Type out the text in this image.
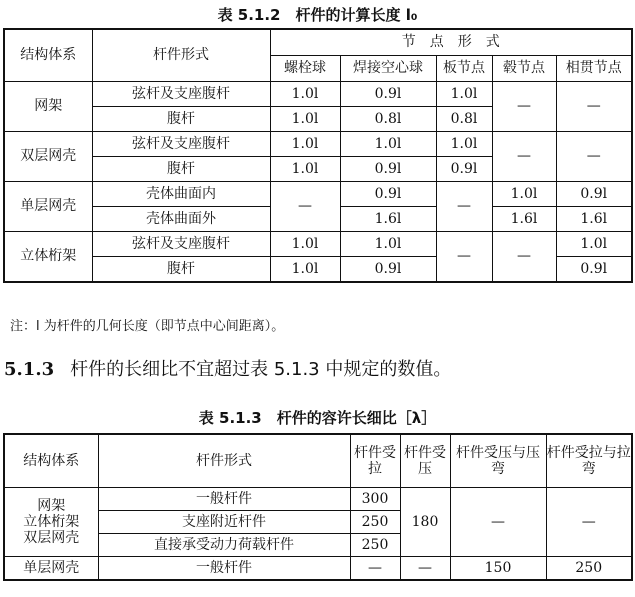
表 5.1.2　杆件的计算长度 l₀
结构体系	杆件形式	节　点　形　式				
		螺栓球	焊接空心球	板节点	毂节点	相贯节点
网架	弦杆及支座腹杆	1.0l	0.9l	1.0l	—	—
	腹杆	1.0l	0.8l	0.8l		
双层网壳	弦杆及支座腹杆	1.0l	1.0l	1.0l	—	—
	腹杆	1.0l	0.9l	0.9l		
单层网壳	壳体曲面内	—	0.9l	—	1.0l	0.9l
	壳体曲面外		1.6l		1.6l	1.6l
立体桁架	弦杆及支座腹杆	1.0l	1.0l	—	—	1.0l
	腹杆	1.0l	0.9l			0.9l
注：l 为杆件的几何长度（即节点中心间距离）。
5.1.3 杆件的长细比不宜超过表 5.1.3 中规定的数值。
表 5.1.3　杆件的容许长细比［λ］
结构体系	杆件形式	杆件受拉	杆件受压	杆件受压与压弯	杆件受拉与拉弯

网架
立体桁架
双层网壳	一般杆件	300	180	—	—
	支座附近杆件	250			
	直接承受动力荷载杆件	250			
单层网壳	一般杆件	—	—	150	250
